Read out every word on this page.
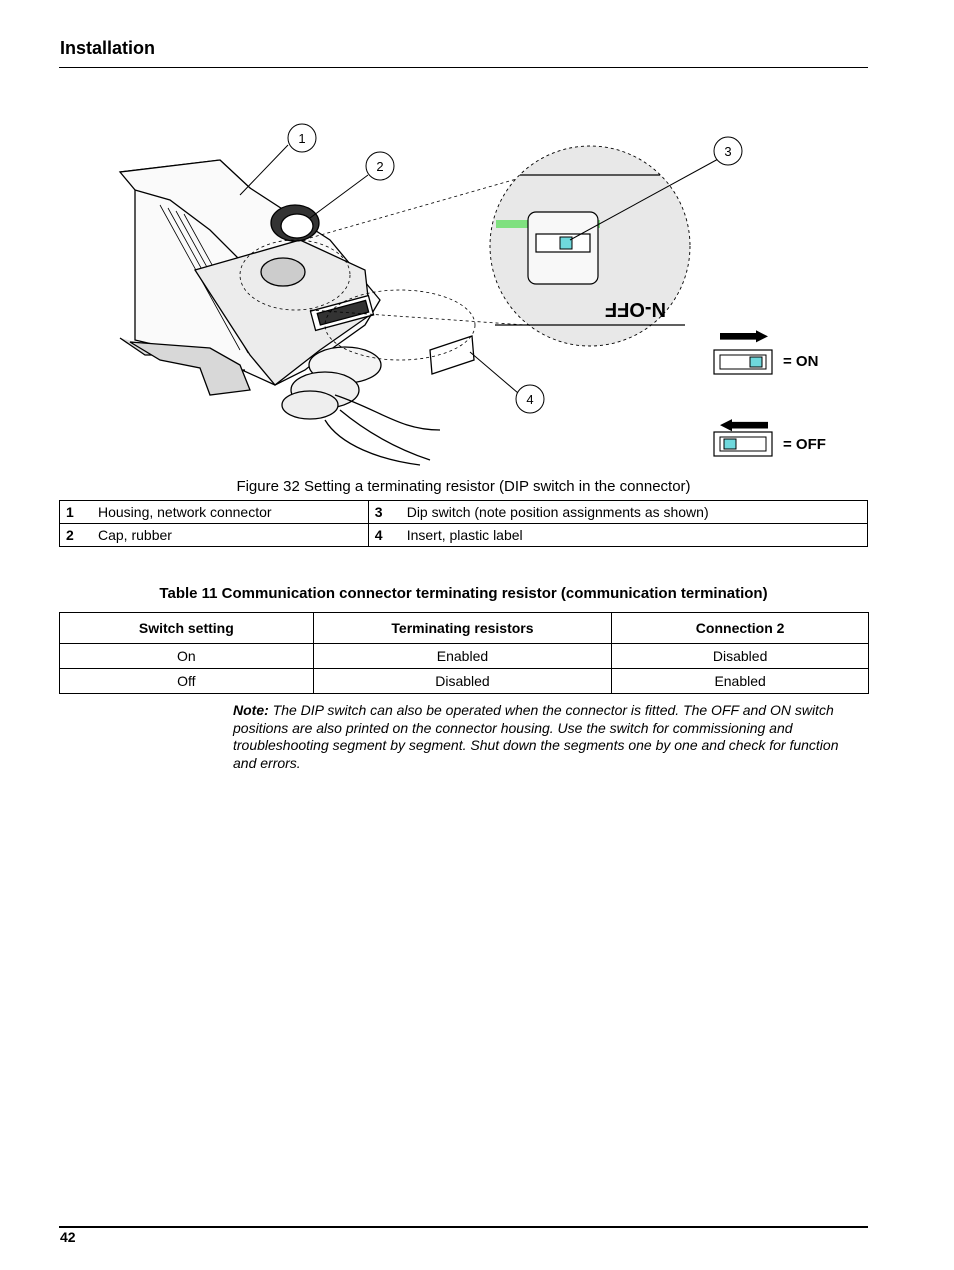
Installation
N-OFF
1
2
3
4
= ON
= OFF
Figure 32 Setting a terminating resistor (DIP switch in the connector)
1	Housing, network connector	3	Dip switch (note position assignments as shown)
2	Cap, rubber	4	Insert, plastic label
Table 11 Communication connector terminating resistor (communication termination)
Switch setting	Terminating resistors	Connection 2
On	Enabled	Disabled
Off	Disabled	Enabled
Note: The DIP switch can also be operated when the connector is fitted. The OFF and ON switch positions are also printed on the connector housing. Use the switch for commissioning and troubleshooting segment by segment. Shut down the segments one by one and check for function and errors.
42
